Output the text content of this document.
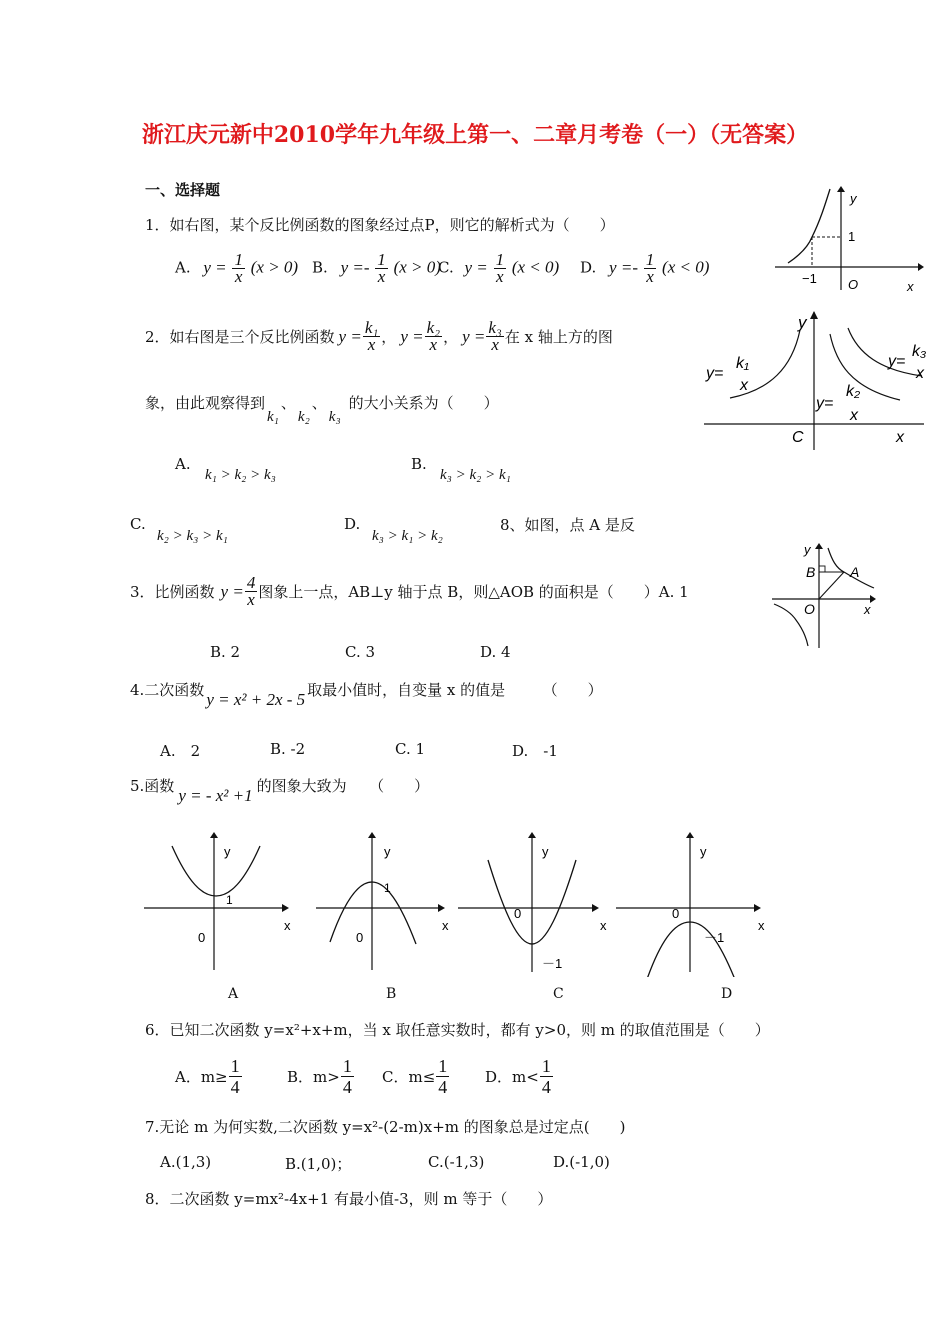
浙江庆元新中2010学年九年级上第一、二章月考卷（一）（无答案）
一、选择题
1．如右图，某个反比例函数的图象经过点P，则它的解析式为（　　）
A. $y = \frac{1}{x} (x > 0)$ B. $y =- \frac{1}{x} (x > 0)$
C. $y = \frac{1}{x} (x < 0)$ D. $y =- \frac{1}{x} (x < 0)$
y
1
−1 O	x
2．如右图是三个反比例函数 $y = \frac{\text{k₁}}{x}$ ， $y = \frac{\text{k₂}}{x}$ ， $y = \frac{\text{k₃}}{x}$ 在 x 轴上方的图
象，由此观察得到
k₁
、
k₂
、
k₃
的大小关系为（　　）
A.
k₁ > k₂ > k₃
B.
k₃ > k₂ > k₁
C.
k₂ > k₃ > k₁
D.
k₃ > k₁ > k₂
y
y=
k₁
x
y=
k₂
x
y=
k₃
x
C	x
8、如图，点 A 是反
3．比例函数 $y = \frac{4}{x}$ 图象上一点，AB⊥y 轴于点 B，则△AOB 的面积是（　　）A. 1
B. 2	C. 3	D. 4
y
B A
O	x
4.二次函数 y = x² + 2x - 5 取最小值时，自变量 x 的值是　　　（　　）
A.　2	B. -2	C. 1	D.　-1
5.函数 y = - x² +1 的图象大致为　　（　　）
y
1
0
x
A
y
1
0
x
B
y
0
－1
x
C
y
0
－1
x
D
6．已知二次函数 y=x²+x+m，当 x 取任意实数时，都有 y>0，则 m 的取值范围是（　　）
A．$m\ge \frac{1}{4}$	B．$m> \frac{1}{4}$ C．$m\le \frac{1}{4}$ D．$m< \frac{1}{4}$
7.无论 m 为何实数,二次函数 y=x²-(2-m)x+m 的图象总是过定点(　　)
A.(1,3)	B.(1,0)；	C.(-1,3)	D.(-1,0)
8．二次函数 y=mx²-4x+1 有最小值-3，则 m 等于（　　）
